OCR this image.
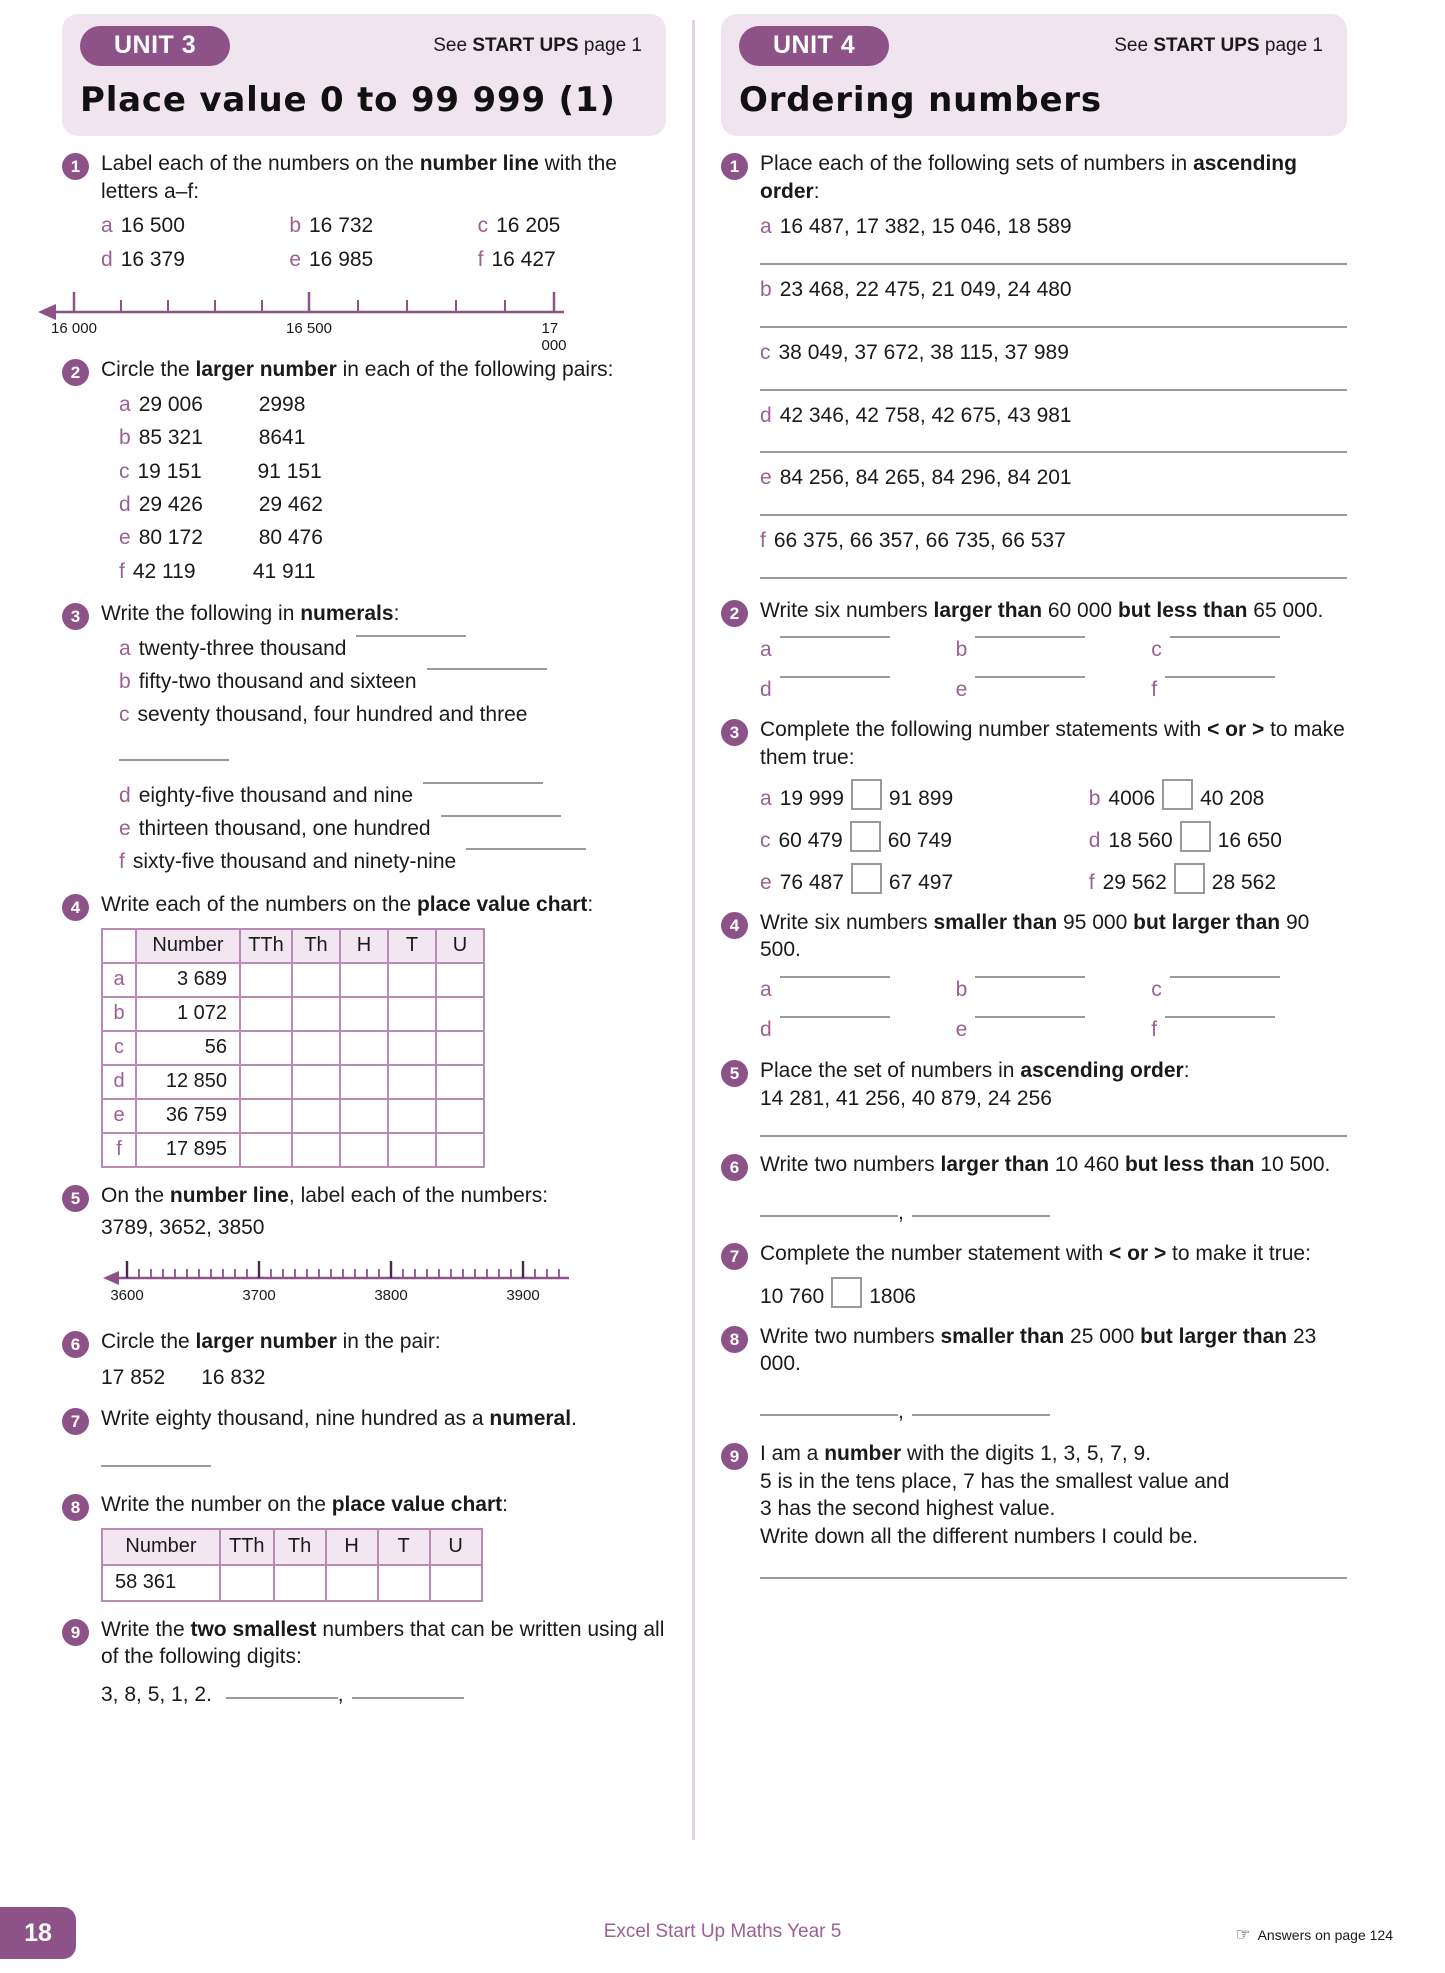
UNIT 3	See START UPS page 1
Place value 0 to 99 999 (1)
1 Label each of the numbers on the number line with the letters a–f:
a 16 500	b 16 732	c 16 205
d 16 379	e 16 985	f 16 427
16 000	16 500	17 000
2 Circle the larger number in each of the following pairs:
a 29 006	2998
b 85 321	8641
c 19 151	91 151
d 29 426	29 462
e 80 172	80 476
f 42 119	41 911
3 Write the following in numerals:
a twenty-three thousand
b fifty-two thousand and sixteen
c seventy thousand, four hundred and three
d eighty-five thousand and nine
e thirteen thousand, one hundred
f sixty-five thousand and ninety-nine
4 Write each of the numbers on the place value chart:
	Number	TTh	Th	H	T	U
a	3 689					
b	1 072					
c	56					
d	12 850					
e	36 759					
f	17 895					
5 On the number line, label each of the numbers:
3789, 3652, 3850
3600	3700	3800	3900
6 Circle the larger number in the pair:
17 852 16 832
7 Write eighty thousand, nine hundred as a numeral.
8 Write the number on the place value chart:
Number	TTh	Th	H	T	U
58 361					
9 Write the two smallest numbers that can be written using all of the following digits:
3, 8, 5, 1, 2.	,
UNIT 4	See START UPS page 1
Ordering numbers
1 Place each of the following sets of numbers in ascending order:
a 16 487, 17 382, 15 046, 18 589
b 23 468, 22 475, 21 049, 24 480
c 38 049, 37 672, 38 115, 37 989
d 42 346, 42 758, 42 675, 43 981
e 84 256, 84 265, 84 296, 84 201
f 66 375, 66 357, 66 735, 66 537
2 Write six numbers larger than 60 000 but less than 65 000.
a	b	c
d	e	f
3 Complete the following number statements with < or > to make them true:
a 19 999 91 899	b 4006 40 208
c 60 479 60 749	d 18 560 16 650
e 76 487 67 497	f 29 562 28 562
4 Write six numbers smaller than 95 000 but larger than 90 500.
a	b	c
d	e	f
5 Place the set of numbers in ascending order:
14 281, 41 256, 40 879, 24 256
6 Write two numbers larger than 10 460 but less than 10 500.
,
7 Complete the number statement with < or > to make it true:
10 760 1806
8 Write two numbers smaller than 25 000 but larger than 23 000.
,
9 I am a number with the digits 1, 3, 5, 7, 9.
5 is in the tens place, 7 has the smallest value and
3 has the second highest value.
Write down all the different numbers I could be.
18	Excel Start Up Maths Year 5	☞ Answers on page 124
